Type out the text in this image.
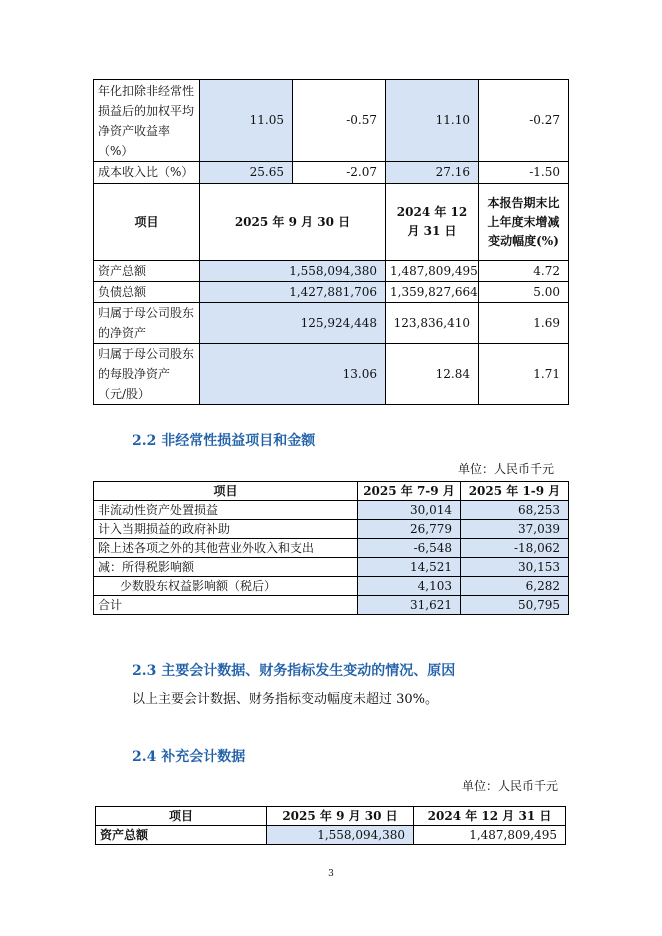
年化扣除非经常性损益后的加权平均净资产收益率（%）	11.05	-0.57	11.10	-0.27
成本收入比（%）	25.65	-2.07	27.16	-1.50
项目	2025 年 9 月 30 日		2024 年 12 月 31 日	本报告期末比上年度末增减变动幅度(%)
资产总额	1,558,094,380		1,487,809,495	4.72
负债总额	1,427,881,706		1,359,827,664	5.00
归属于母公司股东的净资产	125,924,448		123,836,410	1.69
归属于母公司股东的每股净资产（元/股）	13.06		12.84	1.71
2.2 非经常性损益项目和金额
单位：人民币千元
项目	2025 年 7-9 月	2025 年 1-9 月
非流动性资产处置损益	30,014	68,253
计入当期损益的政府补助	26,779	37,039
除上述各项之外的其他营业外收入和支出	-6,548	-18,062
减：所得税影响额	14,521	30,153
少数股东权益影响额（税后）	4,103	6,282
合计	31,621	50,795
2.3 主要会计数据、财务指标发生变动的情况、原因
以上主要会计数据、财务指标变动幅度未超过 30%。
2.4 补充会计数据
单位：人民币千元
项目	2025 年 9 月 30 日	2024 年 12 月 31 日
资产总额	1,558,094,380	1,487,809,495
3
